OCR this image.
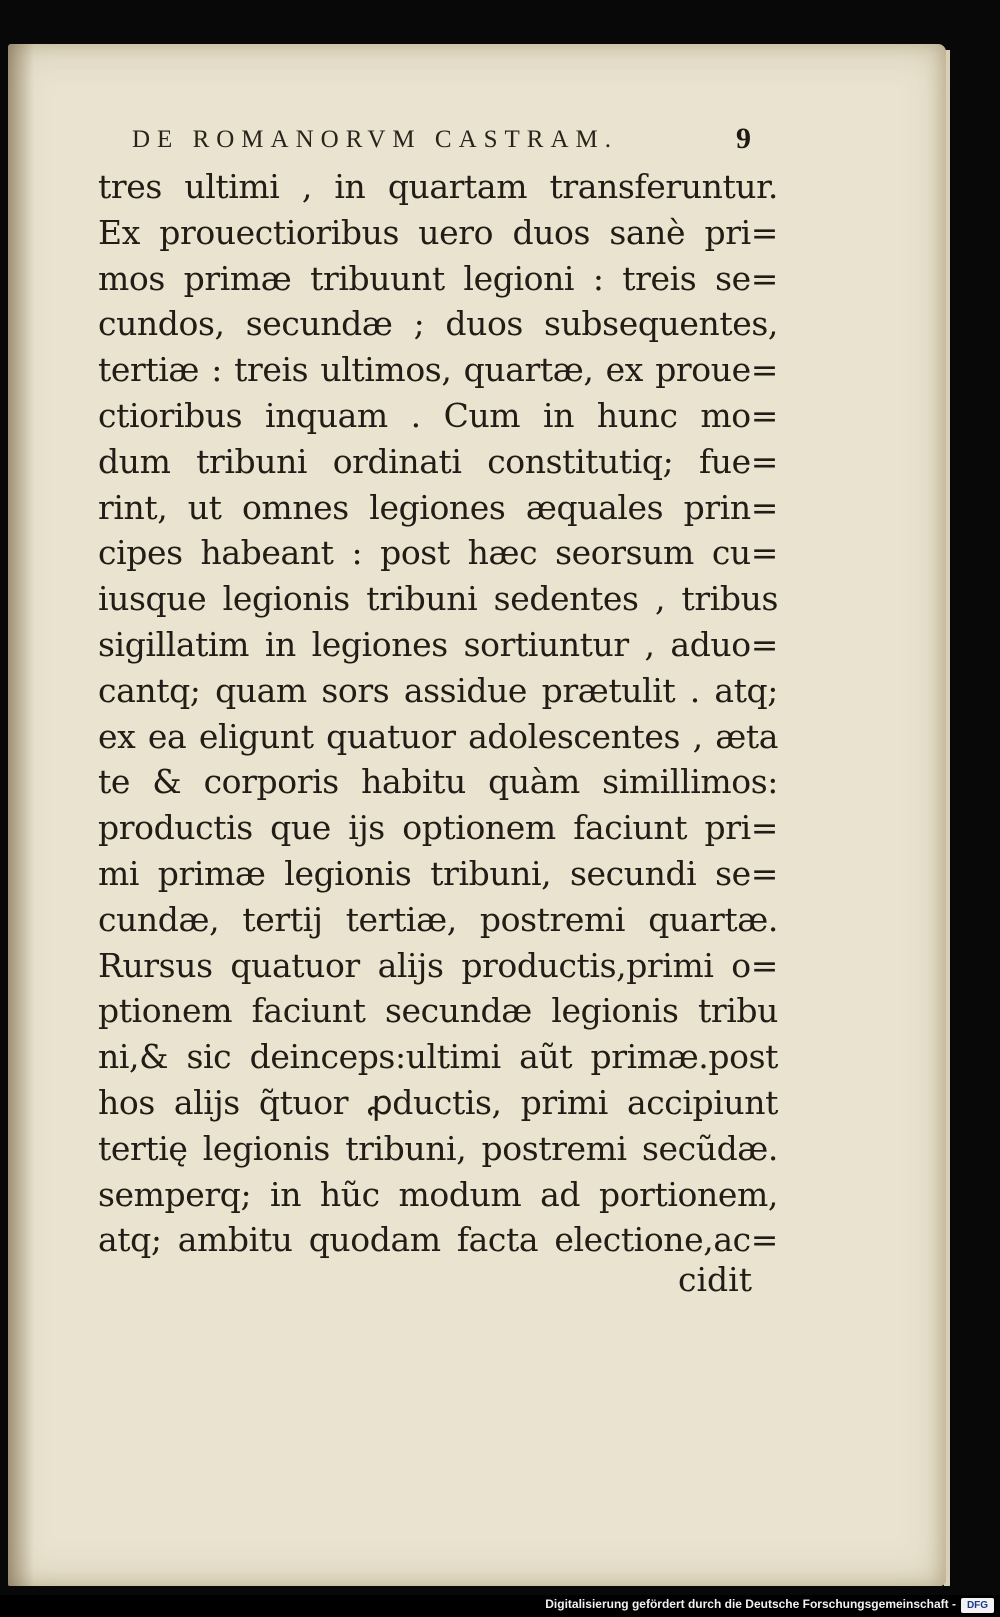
DE ROMANORVM CASTRAM.	9
tres ultimi , in quartam transferuntur.
Ex prouectioribus uero duos sanè pri=
mos primæ tribuunt legioni : treis se=
cundos, secundæ ; duos subsequentes,
tertiæ : treis ultimos, quartæ, ex proue=
ctioribus inquam . Cum in hunc mo=
dum tribuni ordinati constitutiq; fue=
rint, ut omnes legiones æquales prin=
cipes habeant : post hæc seorsum cu=
iusque legionis tribuni sedentes , tribus
sigillatim in legiones sortiuntur , aduo=
cantq; quam sors assidue prætulit . atq;
ex ea eligunt quatuor adolescentes , æta
te & corporis habitu quàm simillimos:
productis que ijs optionem faciunt pri=
mi primæ legionis tribuni, secundi se=
cundæ, tertij tertiæ, postremi quartæ.
Rursus quatuor alijs productis,primi o=
ptionem faciunt secundæ legionis tribu
ni,& sic deinceps:ultimi aũt primæ.post
hos alijs q̃tuor ꝓductis, primi accipiunt
tertię legionis tribuni, postremi secũdæ.
semperq; in hũc modum ad portionem,
atq; ambitu quodam facta electione,ac=
cidit
Digitalisierung gefördert durch die Deutsche Forschungsgemeinschaft -	DFG
